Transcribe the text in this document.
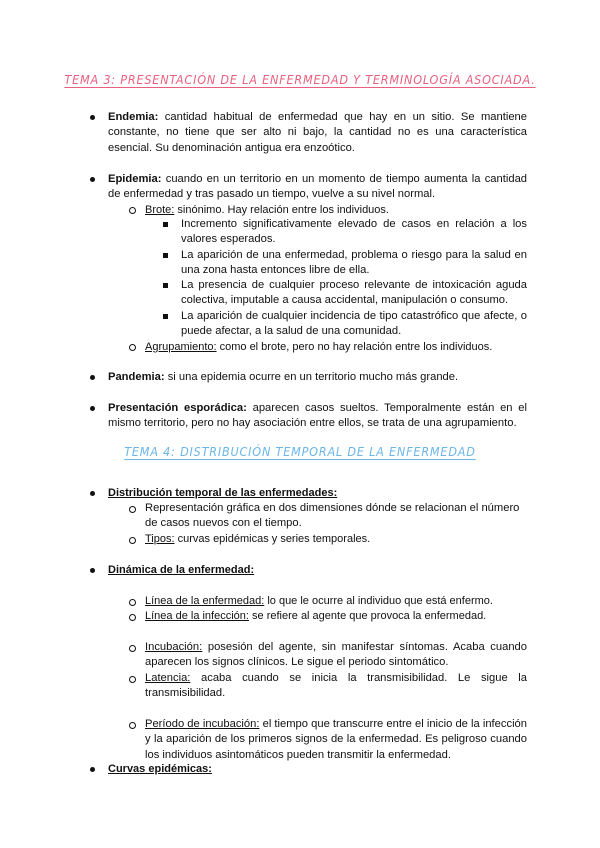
TEMA 3: PRESENTACIÓN DE LA ENFERMEDAD Y TERMINOLOGÍA ASOCIADA.
Endemia: cantidad habitual de enfermedad que hay en un sitio. Se mantiene constante, no tiene que ser alto ni bajo, la cantidad no es una característica esencial. Su denominación antigua era enzoótico.
Epidemia: cuando en un territorio en un momento de tiempo aumenta la cantidad de enfermedad y tras pasado un tiempo, vuelve a su nivel normal.
Brote: sinónimo. Hay relación entre los individuos.
Incremento significativamente elevado de casos en relación a los valores esperados.
La aparición de una enfermedad, problema o riesgo para la salud en una zona hasta entonces libre de ella.
La presencia de cualquier proceso relevante de intoxicación aguda colectiva, imputable a causa accidental, manipulación o consumo.
La aparición de cualquier incidencia de tipo catastrófico que afecte, o puede afectar, a la salud de una comunidad.
Agrupamiento: como el brote, pero no hay relación entre los individuos.
Pandemia: si una epidemia ocurre en un territorio mucho más grande.
Presentación esporádica: aparecen casos sueltos. Temporalmente están en el mismo territorio, pero no hay asociación entre ellos, se trata de una agrupamiento.
TEMA 4: DISTRIBUCIÓN TEMPORAL DE LA ENFERMEDAD
Distribución temporal de las enfermedades:
Representación gráfica en dos dimensiones dónde se relacionan el número de casos nuevos con el tiempo.
Tipos: curvas epidémicas y series temporales.
Dinámica de la enfermedad:
Línea de la enfermedad: lo que le ocurre al individuo que está enfermo.
Línea de la infección: se refiere al agente que provoca la enfermedad.
Incubación: posesión del agente, sin manifestar síntomas. Acaba cuando aparecen los signos clínicos. Le sigue el periodo sintomático.
Latencia: acaba cuando se inicia la transmisibilidad. Le sigue la transmisibilidad.
Período de incubación: el tiempo que transcurre entre el inicio de la infección y la aparición de los primeros signos de la enfermedad. Es peligroso cuando los individuos asintomáticos pueden transmitir la enfermedad.
Curvas epidémicas:
